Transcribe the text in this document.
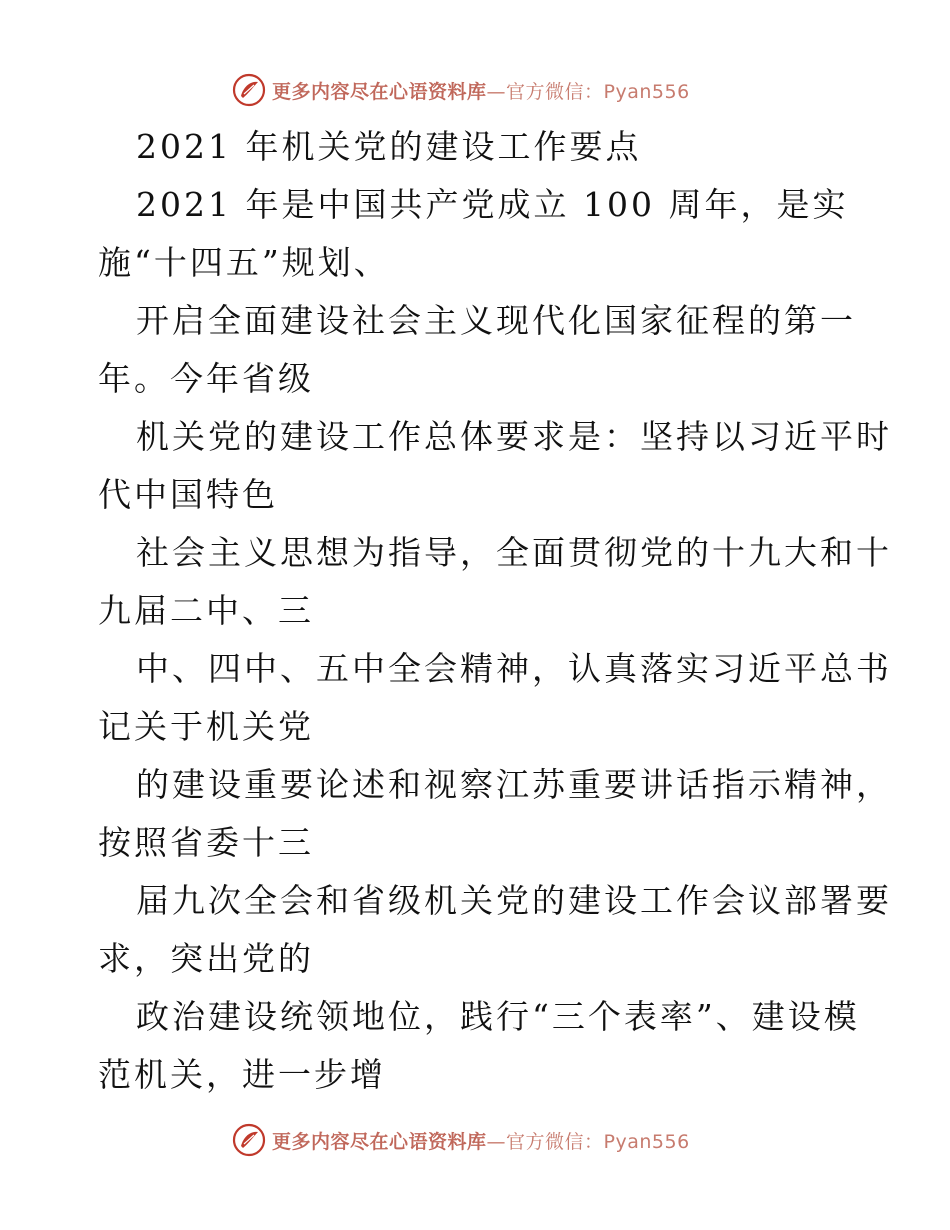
更多内容尽在心语资料库—官方微信：Pyan556
2021 年机关党的建设工作要点
2021 年是中国共产党成立 100 周年，是实
施“十四五”规划、
开启全面建设社会主义现代化国家征程的第一
年。今年省级
机关党的建设工作总体要求是：坚持以习近平时
代中国特色
社会主义思想为指导，全面贯彻党的十九大和十
九届二中、三
中、四中、五中全会精神，认真落实习近平总书
记关于机关党
的建设重要论述和视察江苏重要讲话指示精神，
按照省委十三
届九次全会和省级机关党的建设工作会议部署要
求，突出党的
政治建设统领地位，践行“三个表率”、建设模
范机关，进一步增
更多内容尽在心语资料库—官方微信：Pyan556
